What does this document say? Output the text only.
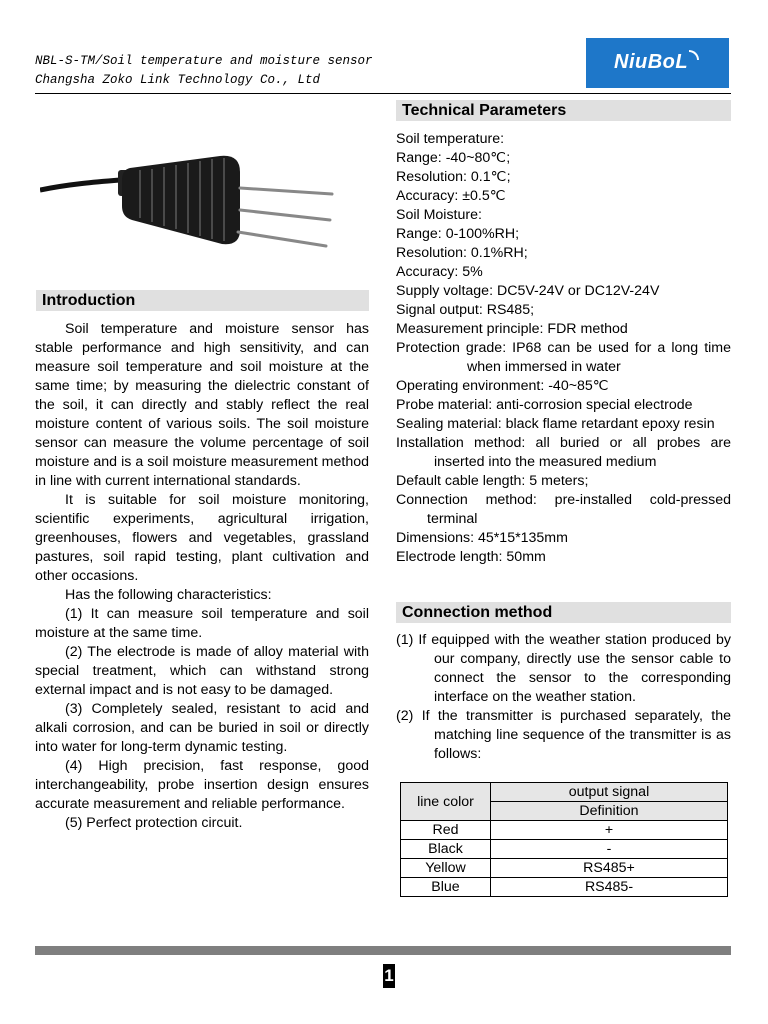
NBL-S-TM/Soil temperature and moisture sensor
Changsha Zoko Link Technology Co., Ltd
NiuBoL
Introduction

Soil temperature and moisture sensor has stable performance and high sensitivity, and can measure soil temperature and soil moisture at the same time; by measuring the dielectric constant of the soil, it can directly and stably reflect the real moisture content of various soils. The soil moisture sensor can measure the volume percentage of soil moisture and is a soil moisture measurement method in line with current international standards.

It is suitable for soil moisture monitoring, scientific experiments, agricultural irrigation, greenhouses, flowers and vegetables, grassland pastures, soil rapid testing, plant cultivation and other occasions.

Has the following characteristics:

(1) It can measure soil temperature and soil moisture at the same time.

(2) The electrode is made of alloy material with special treatment, which can withstand strong external impact and is not easy to be damaged.

(3) Completely sealed, resistant to acid and alkali corrosion, and can be buried in soil or directly into water for long-term dynamic testing.

(4) High precision, fast response, good interchangeability, probe insertion design ensures accurate measurement and reliable performance.

(5) Perfect protection circuit.

Technical Parameters

Soil temperature:

Range: -40~80℃;

Resolution: 0.1℃;

Accuracy: ±0.5℃

Soil Moisture:

Range: 0-100%RH;

Resolution: 0.1%RH;

Accuracy: 5%

Supply voltage: DC5V-24V or DC12V-24V

Signal output: RS485;

Measurement principle: FDR method

Protection grade: IP68 can be used for a long time when immersed in water

Operating environment: -40~85℃

Probe material: anti-corrosion special electrode

Sealing material: black flame retardant epoxy resin

Installation method: all buried or all probes are inserted into the measured medium

Default cable length: 5 meters;

Connection method: pre-installed cold-pressed terminal

Dimensions: 45*15*135mm

Electrode length: 50mm

Connection method

(1) If equipped with the weather station produced by our company, directly use the sensor cable to connect the sensor to the corresponding interface on the weather station.

(2) If the transmitter is purchased separately, the matching line sequence of the transmitter is as follows:

line color	output signal
	Definition
Red	+
Black	-
Yellow	RS485+
Blue	RS485-
1
